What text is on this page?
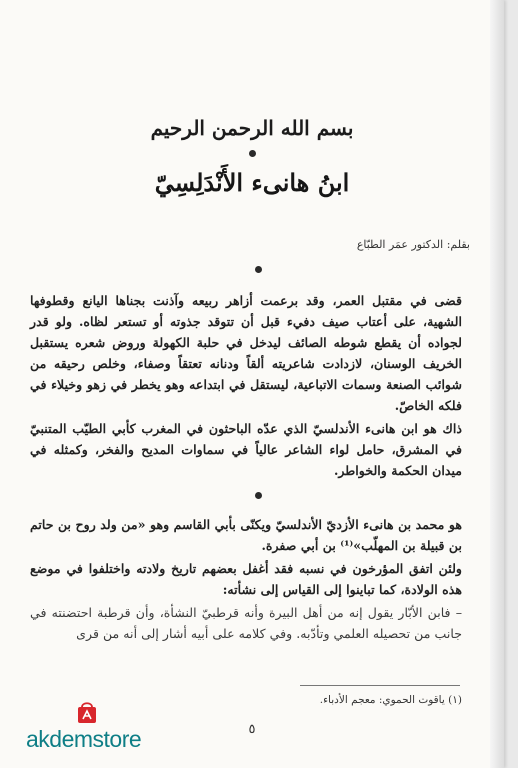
بسم الله الرحمن الرحيم
ابنُ هانىء الأَنْدَلِسِيّ
بقلم: الدكتور عمَر الطبّاع

قضى في مقتبل العمر، وقد برعمت أزاهر ربيعه وآذنت بجناها اليانع وقطوفها الشهية، على أعتاب صيف دفيء قبل أن تتوقد جذوته أو تستعر لظاه. ولو قدر لجواده أن يقطع شوطه الصائف ليدخل في حلبة الكهولة وروض شعره يستقبل الخريف الوسنان، لازدادت شاعريته ألقاً ودنانه تعتقاً وصفاء، وخلص رحيقه من شوائب الصنعة وسمات الاتباعية، ليستقل في ابتداعه وهو يخطر في زهو وخيلاء في فلكه الخاصّ.

ذاك هو ابن هانىء الأندلسيّ الذي عدّه الباحثون في المغرب كأبي الطيّب المتنبيّ في المشرق، حامل لواء الشاعر عالياً في سماوات المديح والفخر، وكمثله في ميدان الحكمة والخواطر.

هو محمد بن هانىء الأزديّ الأندلسيّ ويكنّى بأبي القاسم وهو «من ولد روح بن حاتم بن قبيلة بن المهلّب»⁽¹⁾ بن أبي صفرة.

ولئن اتفق المؤرخون في نسبه فقد أغفل بعضهم تاريخ ولادته واختلفوا في موضع هذه الولادة، كما تباينوا إلى القياس إلى نشأته:

– فابن الأبّار يقول إنه من أهل البيرة وأنه قرطبيّ النشأة، وأن قرطبة احتضنته في جانب من تحصيله العلمي وتأدّبه. وفي كلامه على أبيه أشار إلى أنه من قرى

(١) ياقوت الحموي: معجم الأدباء.
٥
akdemstore
